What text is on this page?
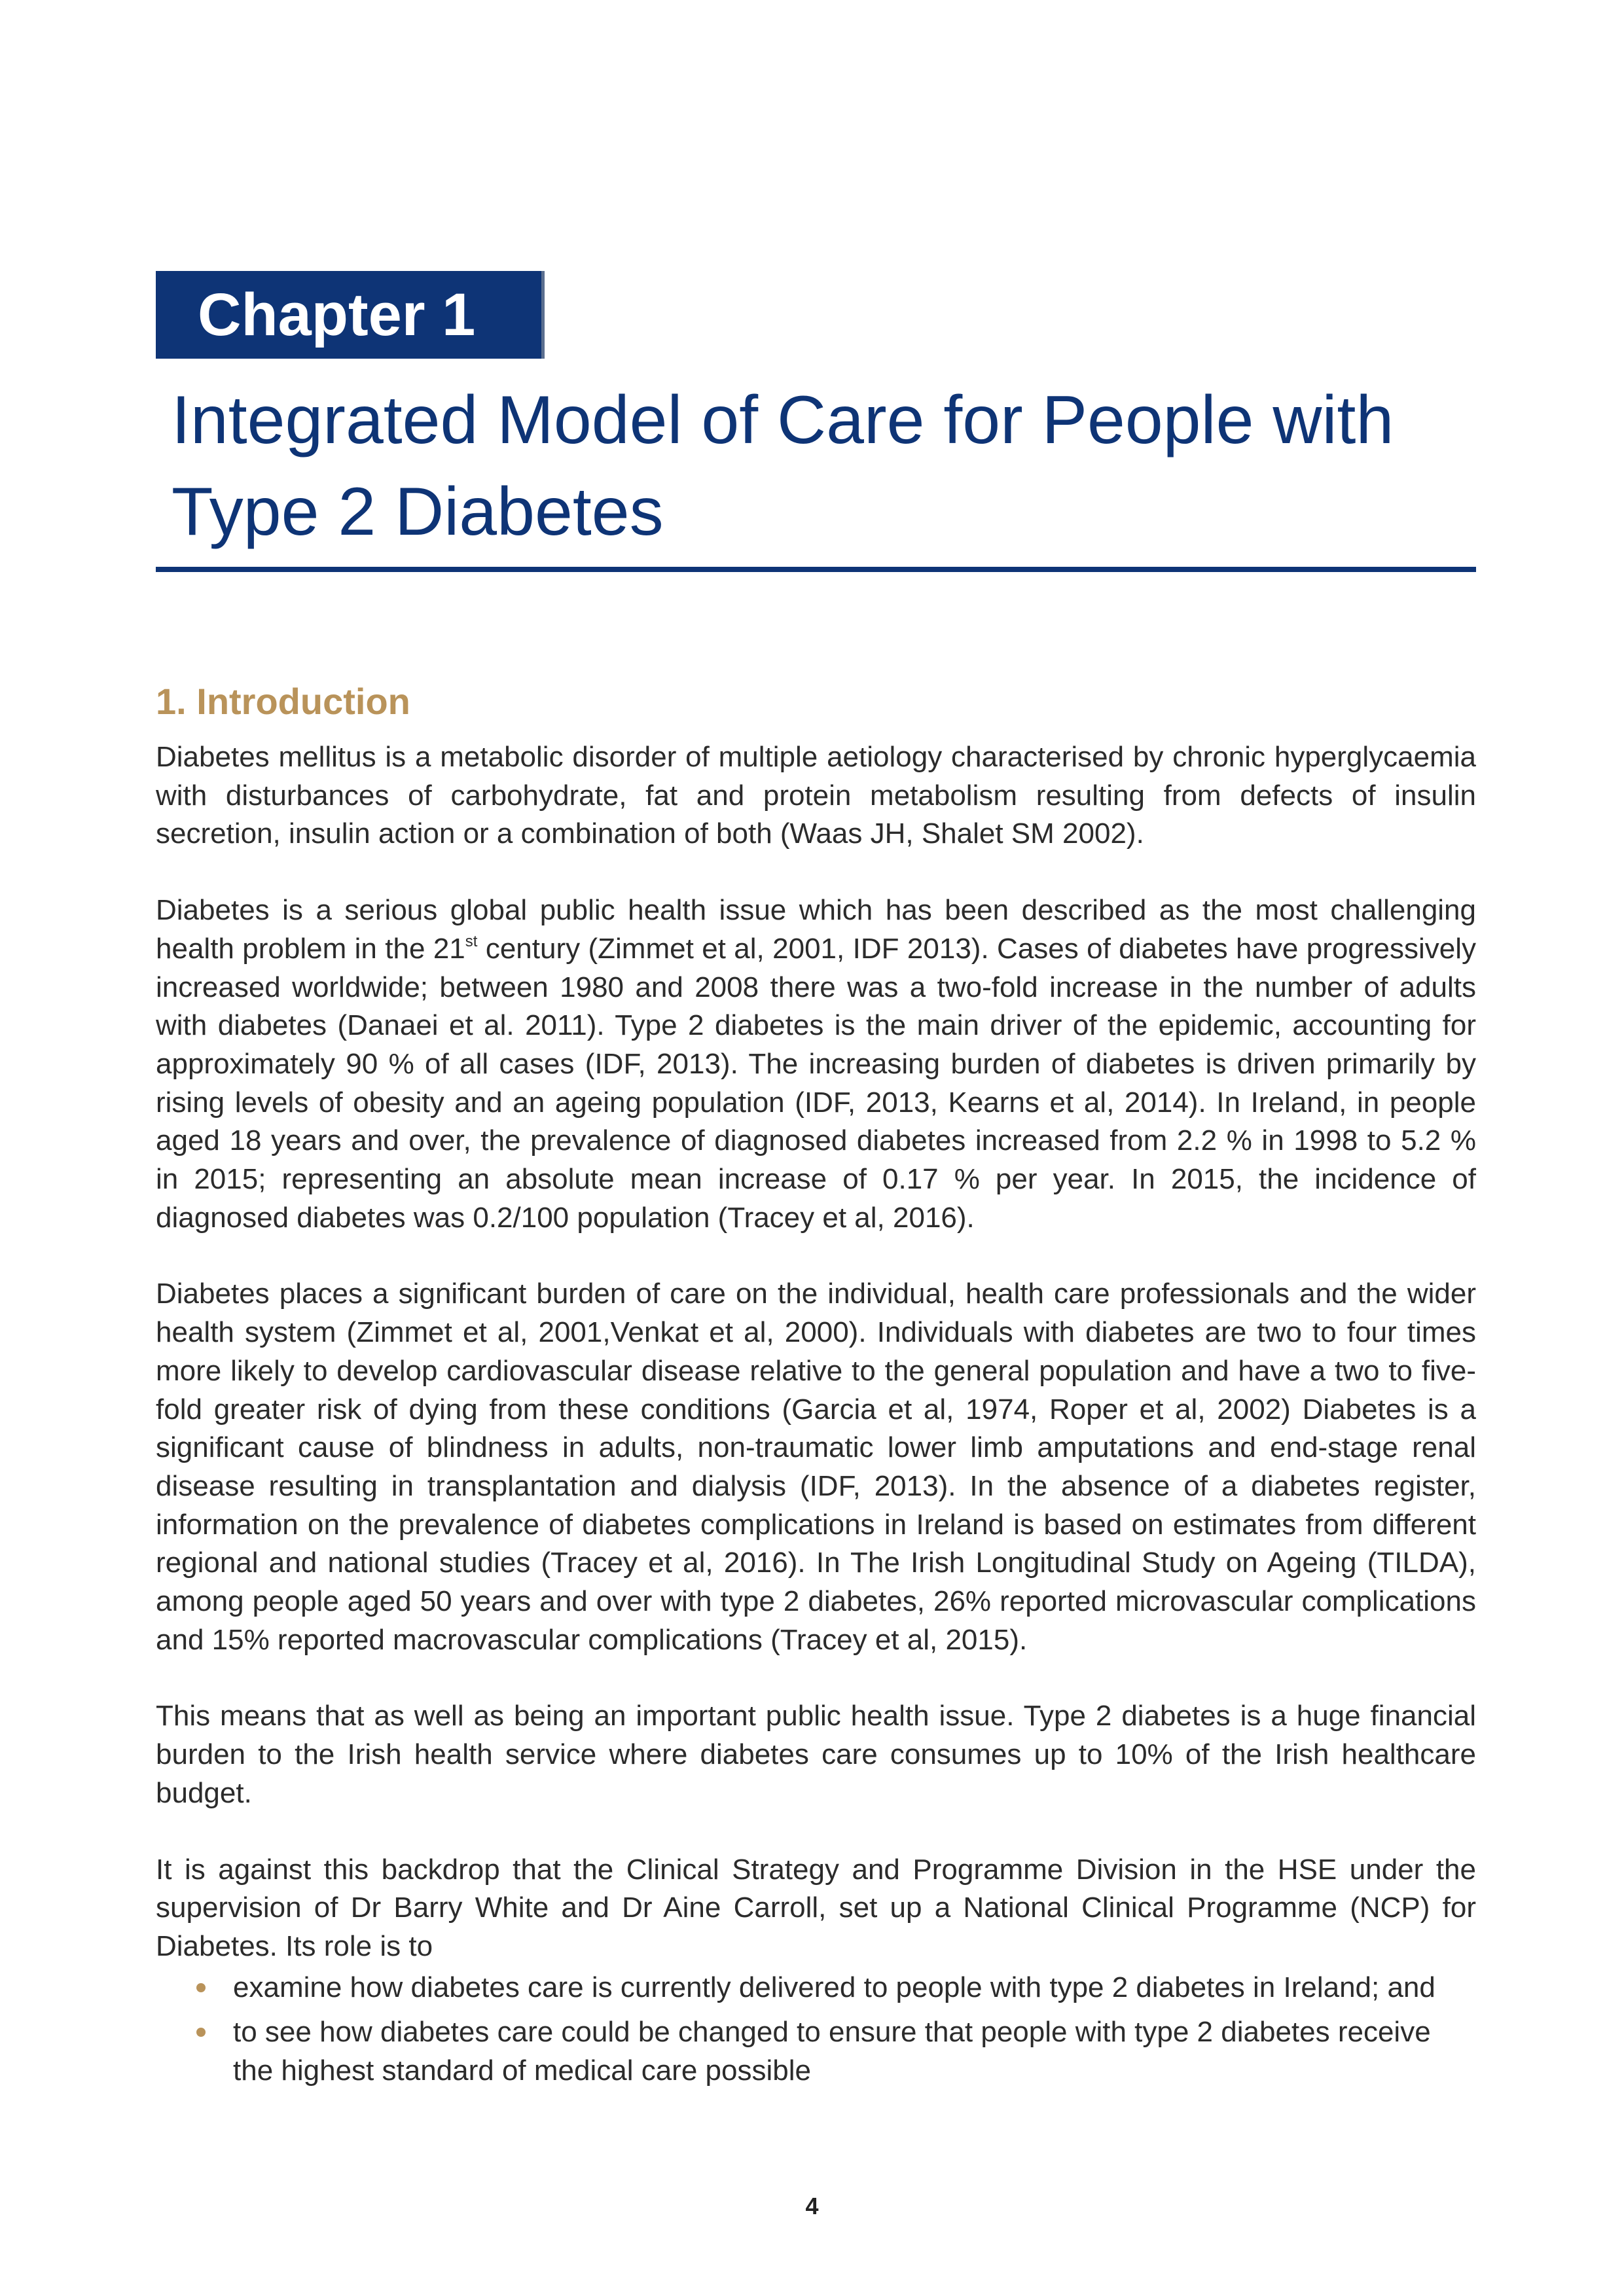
Chapter 1
Integrated Model of Care for People with
Type 2 Diabetes
1. Introduction

Diabetes mellitus is a metabolic disorder of multiple aetiology characterised by chronic hyperglycaemia with disturbances of carbohydrate, fat and protein metabolism resulting from defects of insulin secretion, insulin action or a combination of both (Waas JH, Shalet SM 2002).

Diabetes is a serious global public health issue which has been described as the most challenging health problem in the 21st century (Zimmet et al, 2001, IDF 2013). Cases of diabetes have progressively increased worldwide; between 1980 and 2008 there was a two-fold increase in the number of adults with diabetes (Danaei et al. 2011). Type 2 diabetes is the main driver of the epidemic, accounting for approximately 90 % of all cases (IDF, 2013). The increasing burden of diabetes is driven primarily by rising levels of obesity and an ageing population (IDF, 2013, Kearns et al, 2014). In Ireland, in people aged 18 years and over, the prevalence of diagnosed diabetes increased from 2.2 % in 1998 to 5.2 % in 2015; representing an absolute mean increase of 0.17 % per year. In 2015, the incidence of diagnosed diabetes was 0.2/100 population (Tracey et al, 2016).

Diabetes places a significant burden of care on the individual, health care professionals and the wider health system (Zimmet et al, 2001,Venkat et al, 2000). Individuals with diabetes are two to four times more likely to develop cardiovascular disease relative to the general population and have a two to five-fold greater risk of dying from these conditions (Garcia et al, 1974, Roper et al, 2002) Diabetes is a significant cause of blindness in adults, non-traumatic lower limb amputations and end-stage renal disease resulting in transplantation and dialysis (IDF, 2013). In the absence of a diabetes register, information on the prevalence of diabetes complications in Ireland is based on estimates from different regional and national studies (Tracey et al, 2016). In The Irish Longitudinal Study on Ageing (TILDA), among people aged 50 years and over with type 2 diabetes, 26% reported microvascular complications and 15% reported macrovascular complications (Tracey et al, 2015).

This means that as well as being an important public health issue. Type 2 diabetes is a huge financial burden to the Irish health service where diabetes care consumes up to 10% of the Irish healthcare budget.

It is against this backdrop that the Clinical Strategy and Programme Division in the HSE under the supervision of Dr Barry White and Dr Aine Carroll, set up a National Clinical Programme (NCP) for Diabetes. Its role is to

examine how diabetes care is currently delivered to people with type 2 diabetes in Ireland; and
to see how diabetes care could be changed to ensure that people with type 2 diabetes receive the highest standard of medical care possible
4
